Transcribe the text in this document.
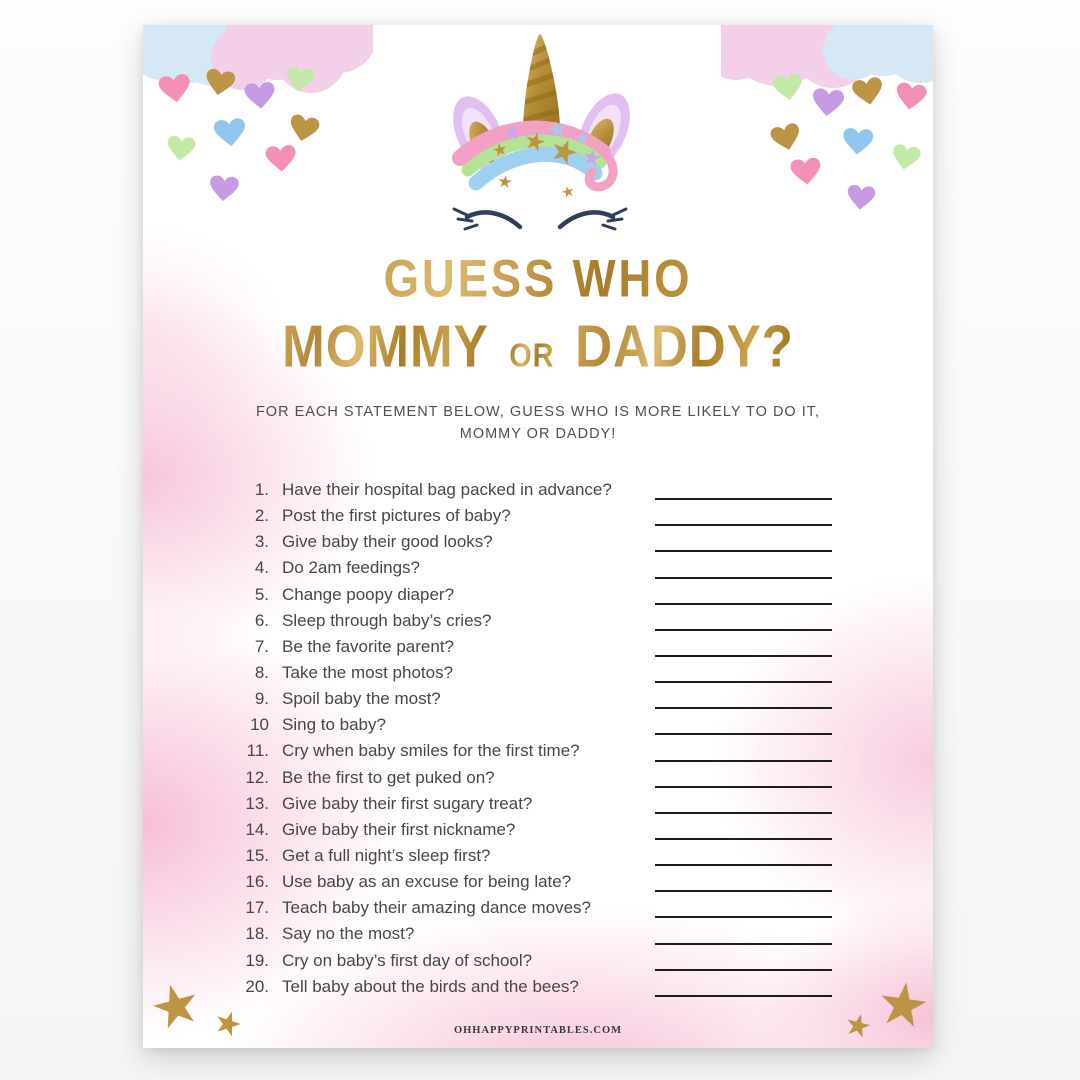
GUESS WHO
MOMMY OR DADDY?
FOR EACH STATEMENT BELOW, GUESS WHO IS MORE LIKELY TO DO IT,
MOMMY OR DADDY!
1. Have their hospital bag packed in advance?
2. Post the first pictures of baby?
3. Give baby their good looks?
4. Do 2am feedings?
5. Change poopy diaper?
6. Sleep through baby’s cries?
7. Be the favorite parent?
8. Take the most photos?
9. Spoil baby the most?
10 Sing to baby?
11. Cry when baby smiles for the first time?
12. Be the first to get puked on?
13. Give baby their first sugary treat?
14. Give baby their first nickname?
15. Get a full night’s sleep first?
16. Use baby as an excuse for being late?
17. Teach baby their amazing dance moves?
18. Say no the most?
19. Cry on baby’s first day of school?
20. Tell baby about the birds and the bees?
OHHAPPYPRINTABLES.COM
